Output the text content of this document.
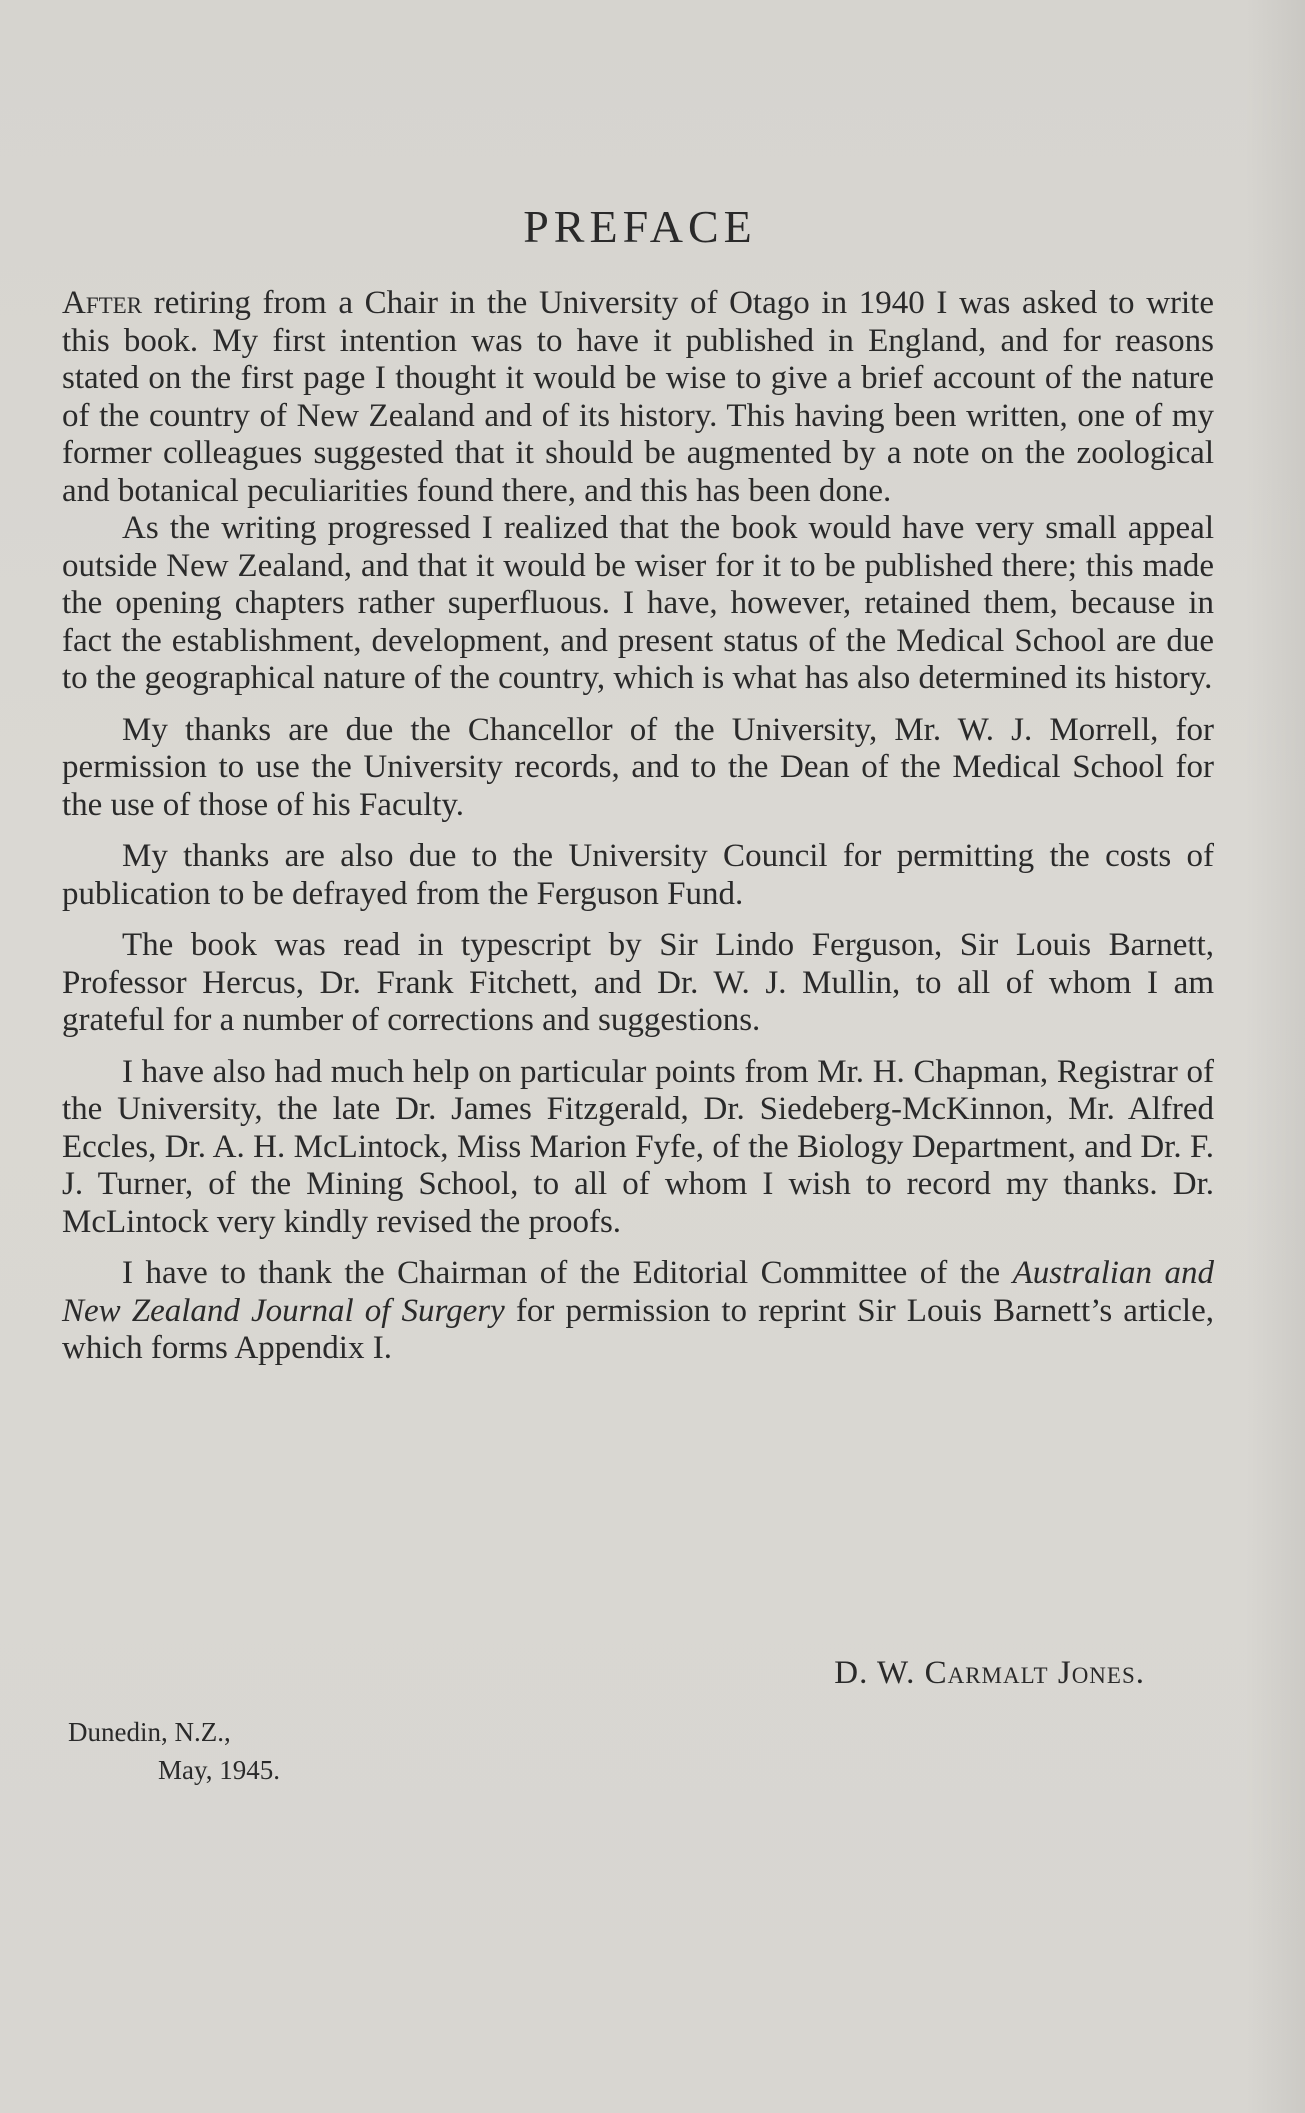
PREFACE

After retiring from a Chair in the University of Otago in 1940 I was asked to write this book. My first intention was to have it published in England, and for reasons stated on the first page I thought it would be wise to give a brief account of the nature of the country of New Zealand and of its history. This having been written, one of my former colleagues suggested that it should be augmented by a note on the zoological and botanical peculiarities found there, and this has been done.

As the writing progressed I realized that the book would have very small appeal outside New Zealand, and that it would be wiser for it to be published there; this made the opening chapters rather superfluous. I have, however, retained them, because in fact the establishment, development, and present status of the Medical School are due to the geographical nature of the country, which is what has also determined its history.

My thanks are due the Chancellor of the University, Mr. W. J. Morrell, for permission to use the University records, and to the Dean of the Medical School for the use of those of his Faculty.

My thanks are also due to the University Council for permitting the costs of publication to be defrayed from the Ferguson Fund.

The book was read in typescript by Sir Lindo Ferguson, Sir Louis Barnett, Professor Hercus, Dr. Frank Fitchett, and Dr. W. J. Mullin, to all of whom I am grateful for a number of corrections and suggestions.

I have also had much help on particular points from Mr. H. Chapman, Registrar of the University, the late Dr. James Fitzgerald, Dr. Siedeberg-McKinnon, Mr. Alfred Eccles, Dr. A. H. McLintock, Miss Marion Fyfe, of the Biology Department, and Dr. F. J. Turner, of the Mining School, to all of whom I wish to record my thanks. Dr. McLintock very kindly revised the proofs.

I have to thank the Chairman of the Editorial Committee of the Australian and New Zealand Journal of Surgery for permission to reprint Sir Louis Barnett’s article, which forms Appendix I.

D. W. Carmalt Jones.
Dunedin, N.Z.,
May, 1945.
